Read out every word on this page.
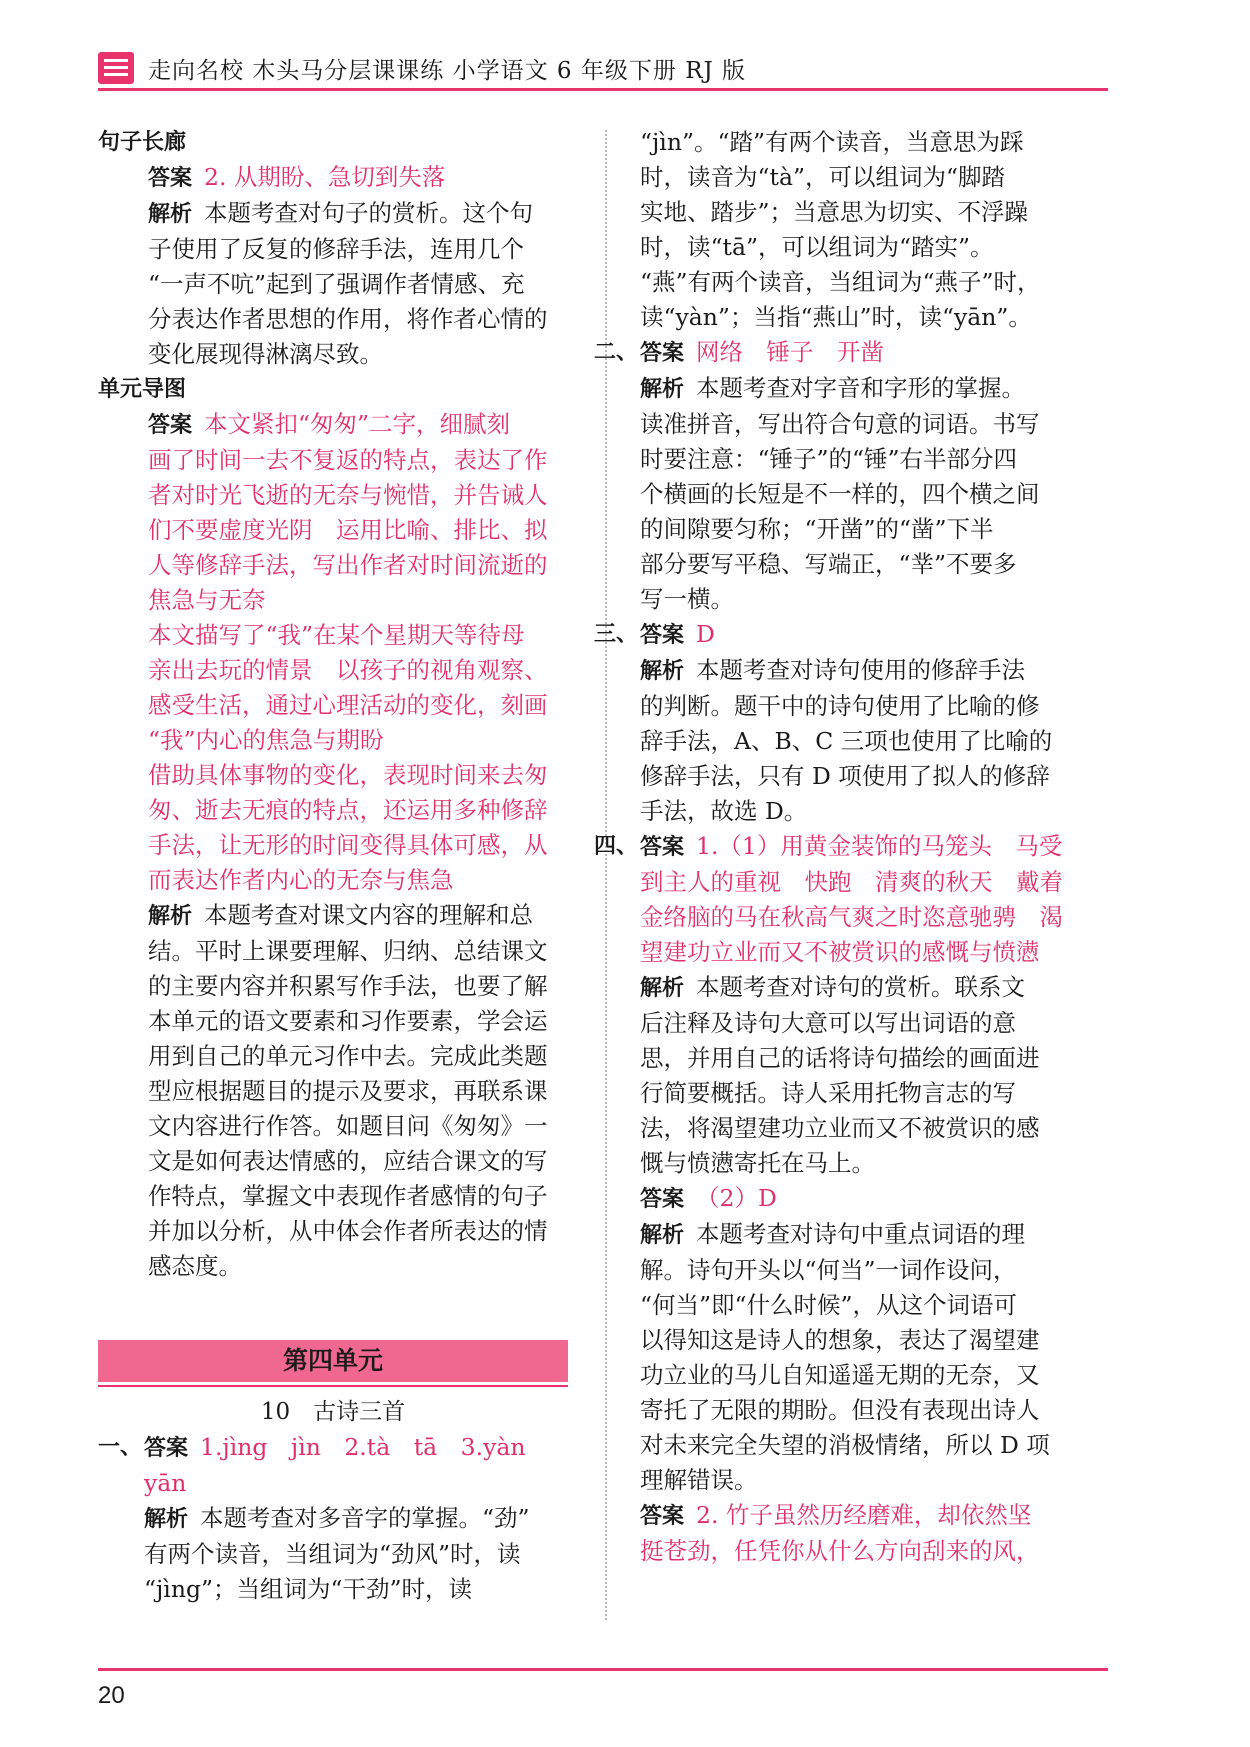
走向名校 木头马分层课课练 小学语文 6 年级下册 RJ 版

句子长廊

答案 2. 从期盼、急切到失落

解析 本题考查对句子的赏析。这个句

子使用了反复的修辞手法，连用几个

“一声不吭”起到了强调作者情感、充

分表达作者思想的作用，将作者心情的

变化展现得淋漓尽致。

单元导图

答案 本文紧扣“匆匆”二字，细腻刻

画了时间一去不复返的特点，表达了作

者对时光飞逝的无奈与惋惜，并告诫人

们不要虚度光阴　运用比喻、排比、拟

人等修辞手法，写出作者对时间流逝的

焦急与无奈

本文描写了“我”在某个星期天等待母

亲出去玩的情景　以孩子的视角观察、

感受生活，通过心理活动的变化，刻画

“我”内心的焦急与期盼

借助具体事物的变化，表现时间来去匆

匆、逝去无痕的特点，还运用多种修辞

手法，让无形的时间变得具体可感，从

而表达作者内心的无奈与焦急

解析 本题考查对课文内容的理解和总

结。平时上课要理解、归纳、总结课文

的主要内容并积累写作手法，也要了解

本单元的语文要素和习作要素，学会运

用到自己的单元习作中去。完成此类题

型应根据题目的提示及要求，再联系课

文内容进行作答。如题目问《匆匆》一

文是如何表达情感的，应结合课文的写

作特点，掌握文中表现作者感情的句子

并加以分析，从中体会作者所表达的情

感态度。

第四单元
10　古诗三首

一、 答案 1.jìng　jìn　2.tà　tā　3.yàn　yān

解析 本题考查对多音字的掌握。“劲”

有两个读音，当组词为“劲风”时，读

“jìng”；当组词为“干劲”时，读

“jìn”。“踏”有两个读音，当意思为踩

时，读音为“tà”，可以组词为“脚踏

实地、踏步”；当意思为切实、不浮躁

时，读“tā”，可以组词为“踏实”。

“燕”有两个读音，当组词为“燕子”时，

读“yàn”；当指“燕山”时，读“yān”。

二、 答案 网络　锤子　开凿

解析 本题考查对字音和字形的掌握。

读准拼音，写出符合句意的词语。书写

时要注意：“锤子”的“锤”右半部分四

个横画的长短是不一样的，四个横之间

的间隙要匀称；“开凿”的“凿”下半

部分要写平稳、写端正，“丵”不要多

写一横。

三、 答案 D

解析 本题考查对诗句使用的修辞手法

的判断。题干中的诗句使用了比喻的修

辞手法，A、B、C 三项也使用了比喻的

修辞手法，只有 D 项使用了拟人的修辞

手法，故选 D。

四、 答案 1.（1）用黄金装饰的马笼头　马受

到主人的重视　快跑　清爽的秋天　戴着

金络脑的马在秋高气爽之时恣意驰骋　渴

望建功立业而又不被赏识的感慨与愤懑

解析 本题考查对诗句的赏析。联系文

后注释及诗句大意可以写出词语的意

思，并用自己的话将诗句描绘的画面进

行简要概括。诗人采用托物言志的写

法，将渴望建功立业而又不被赏识的感

慨与愤懑寄托在马上。

答案 （2）D

解析 本题考查对诗句中重点词语的理

解。诗句开头以“何当”一词作设问，

“何当”即“什么时候”，从这个词语可

以得知这是诗人的想象，表达了渴望建

功立业的马儿自知遥遥无期的无奈，又

寄托了无限的期盼。但没有表现出诗人

对未来完全失望的消极情绪，所以 D 项

理解错误。

答案 2. 竹子虽然历经磨难，却依然坚

挺苍劲，任凭你从什么方向刮来的风，

20
